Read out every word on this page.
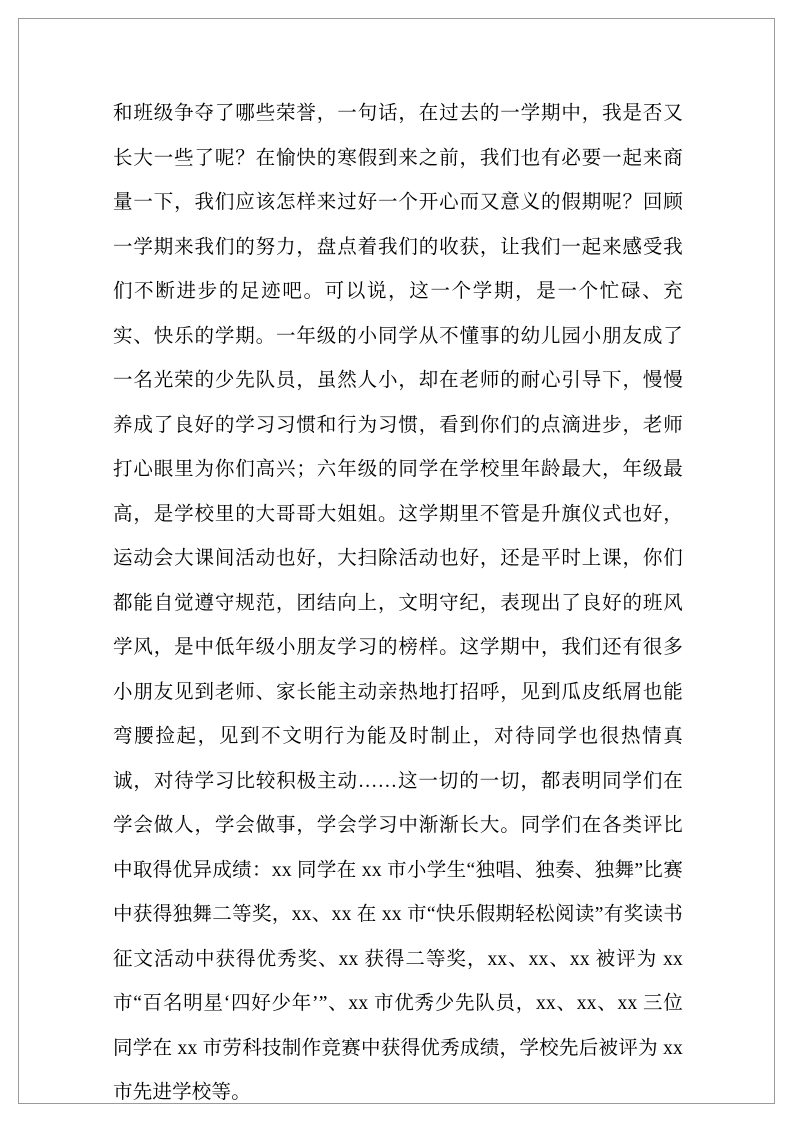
和班级争夺了哪些荣誉，一句话，在过去的一学期中，我是否又长大一些了呢？在愉快的寒假到来之前，我们也有必要一起来商量一下，我们应该怎样来过好一个开心而又意义的假期呢？回顾一学期来我们的努力，盘点着我们的收获，让我们一起来感受我们不断进步的足迹吧。可以说，这一个学期，是一个忙碌、充实、快乐的学期。一年级的小同学从不懂事的幼儿园小朋友成了一名光荣的少先队员，虽然人小，却在老师的耐心引导下，慢慢养成了良好的学习习惯和行为习惯，看到你们的点滴进步，老师打心眼里为你们高兴；六年级的同学在学校里年龄最大，年级最高，是学校里的大哥哥大姐姐。这学期里不管是升旗仪式也好，运动会大课间活动也好，大扫除活动也好，还是平时上课，你们都能自觉遵守规范，团结向上，文明守纪，表现出了良好的班风学风，是中低年级小朋友学习的榜样。这学期中，我们还有很多小朋友见到老师、家长能主动亲热地打招呼，见到瓜皮纸屑也能弯腰捡起，见到不文明行为能及时制止，对待同学也很热情真诚，对待学习比较积极主动……这一切的一切，都表明同学们在学会做人，学会做事，学会学习中渐渐长大。同学们在各类评比中取得优异成绩：xx 同学在 xx 市小学生“独唱、独奏、独舞”比赛中获得独舞二等奖，xx、xx 在 xx 市“快乐假期轻松阅读”有奖读书征文活动中获得优秀奖、xx 获得二等奖，xx、xx、xx 被评为 xx 市“百名明星‘四好少年’”、xx 市优秀少先队员，xx、xx、xx 三位同学在 xx 市劳科技制作竞赛中获得优秀成绩，学校先后被评为 xx 市先进学校等。
